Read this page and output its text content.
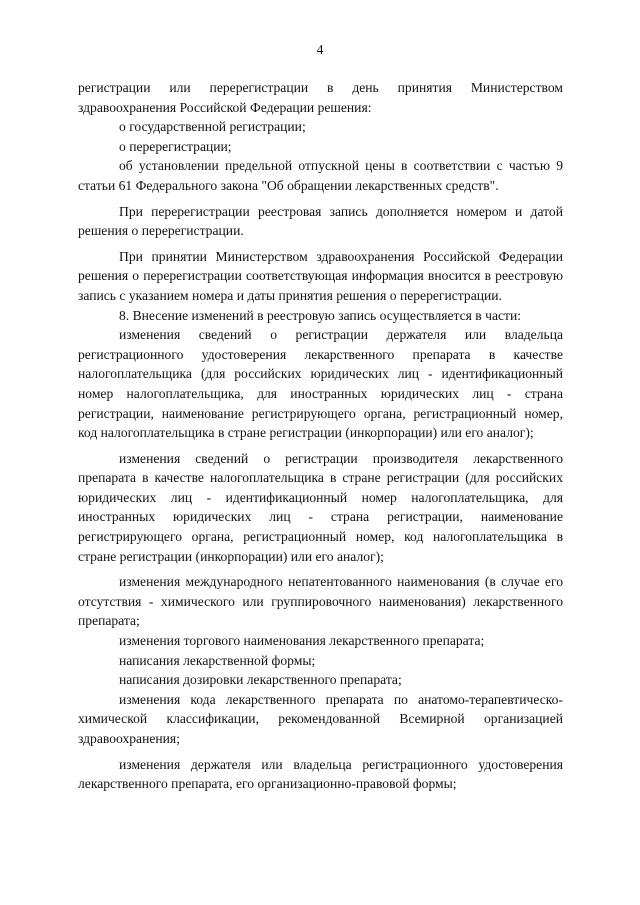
4

регистрации или перерегистрации в день принятия Министерством здравоохранения Российской Федерации решения:

о государственной регистрации;

о перерегистрации;

об установлении предельной отпускной цены в соответствии с частью 9 статьи 61 Федерального закона "Об обращении лекарственных средств".

При перерегистрации реестровая запись дополняется номером и датой решения о перерегистрации.

При принятии Министерством здравоохранения Российской Федерации решения о перерегистрации соответствующая информация вносится в реестровую запись с указанием номера и даты принятия решения о перерегистрации.

8. Внесение изменений в реестровую запись осуществляется в части:

изменения сведений о регистрации держателя или владельца регистрационного удостоверения лекарственного препарата в качестве налогоплательщика (для российских юридических лиц - идентификационный номер налогоплательщика, для иностранных юридических лиц - страна регистрации, наименование регистрирующего органа, регистрационный номер, код налогоплательщика в стране регистрации (инкорпорации) или его аналог);

изменения сведений о регистрации производителя лекарственного препарата в качестве налогоплательщика в стране регистрации (для российских юридических лиц - идентификационный номер налогоплательщика, для иностранных юридических лиц - страна регистрации, наименование регистрирующего органа, регистрационный номер, код налогоплательщика в стране регистрации (инкорпорации) или его аналог);

изменения международного непатентованного наименования (в случае его отсутствия - химического или группировочного наименования) лекарственного препарата;

изменения торгового наименования лекарственного препарата;

написания лекарственной формы;

написания дозировки лекарственного препарата;

изменения кода лекарственного препарата по анатомо-терапевтическо-химической классификации, рекомендованной Всемирной организацией здравоохранения;

изменения держателя или владельца регистрационного удостоверения лекарственного препарата, его организационно-правовой формы;
